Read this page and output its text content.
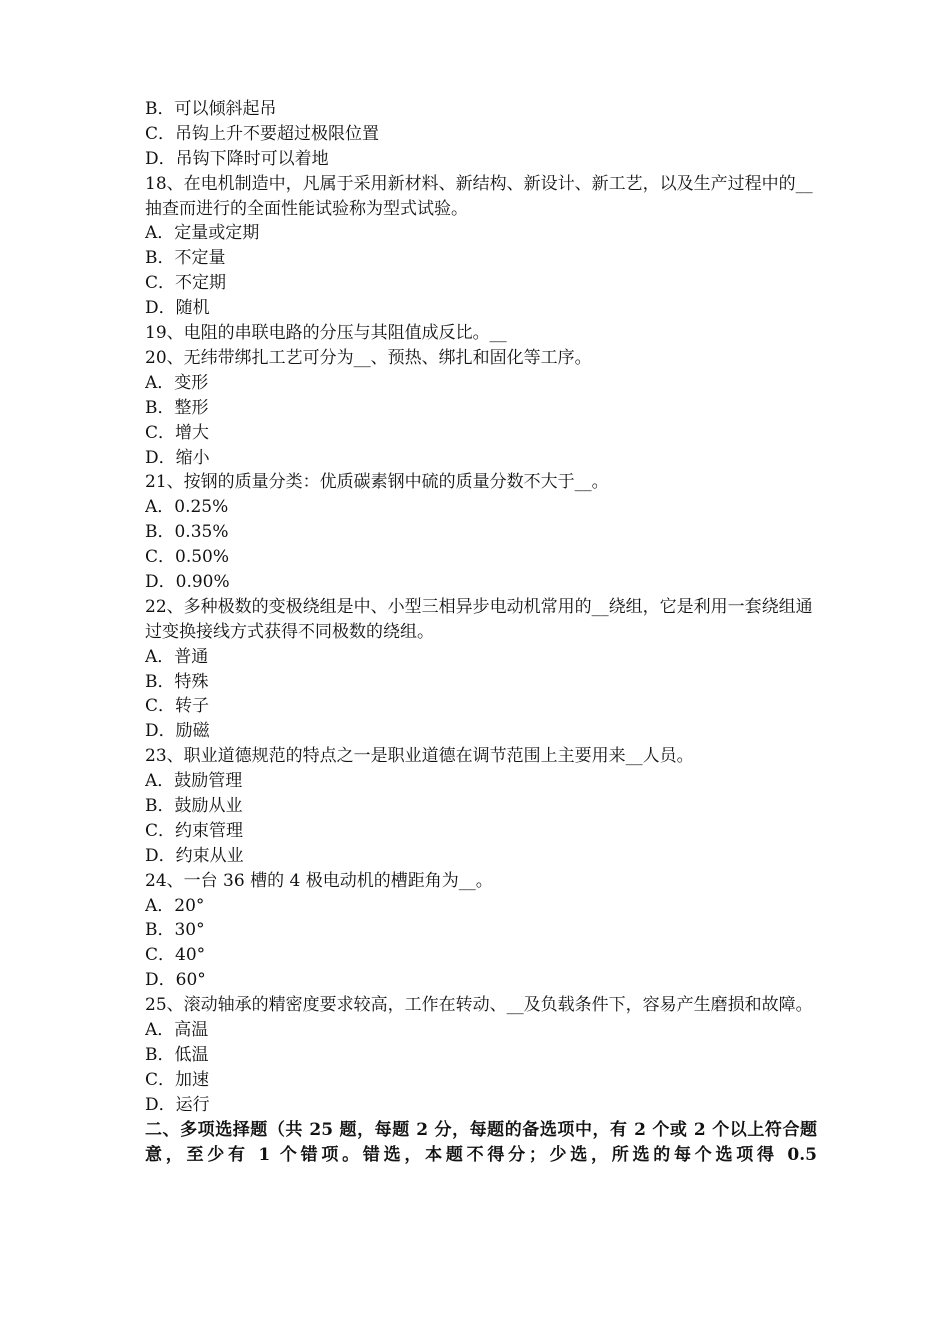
B．可以倾斜起吊
C．吊钩上升不要超过极限位置
D．吊钩下降时可以着地
18、在电机制造中，凡属于采用新材料、新结构、新设计、新工艺，以及生产过程中的__抽查而进行的全面性能试验称为型式试验。
A．定量或定期
B．不定量
C．不定期
D．随机
19、电阻的串联电路的分压与其阻值成反比。__
20、无纬带绑扎工艺可分为__、预热、绑扎和固化等工序。
A．变形
B．整形
C．增大
D．缩小
21、按钢的质量分类：优质碳素钢中硫的质量分数不大于__。
A．0.25%
B．0.35%
C．0.50%
D．0.90%
22、多种极数的变极绕组是中、小型三相异步电动机常用的__绕组，它是利用一套绕组通过变换接线方式获得不同极数的绕组。
A．普通
B．特殊
C．转子
D．励磁
23、职业道德规范的特点之一是职业道德在调节范围上主要用来__人员。
A．鼓励管理
B．鼓励从业
C．约束管理
D．约束从业
24、一台 36 槽的 4 极电动机的槽距角为__。
A．20°
B．30°
C．40°
D．60°
25、滚动轴承的精密度要求较高，工作在转动、__及负载条件下，容易产生磨损和故障。
A．高温
B．低温
C．加速
D．运行
二、多项选择题（共 25 题，每题 2 分，每题的备选项中，有 2 个或 2 个以上符合题意，至少有 1 个错项。错选，本题不得分；少选，所选的每个选项得 0.5
